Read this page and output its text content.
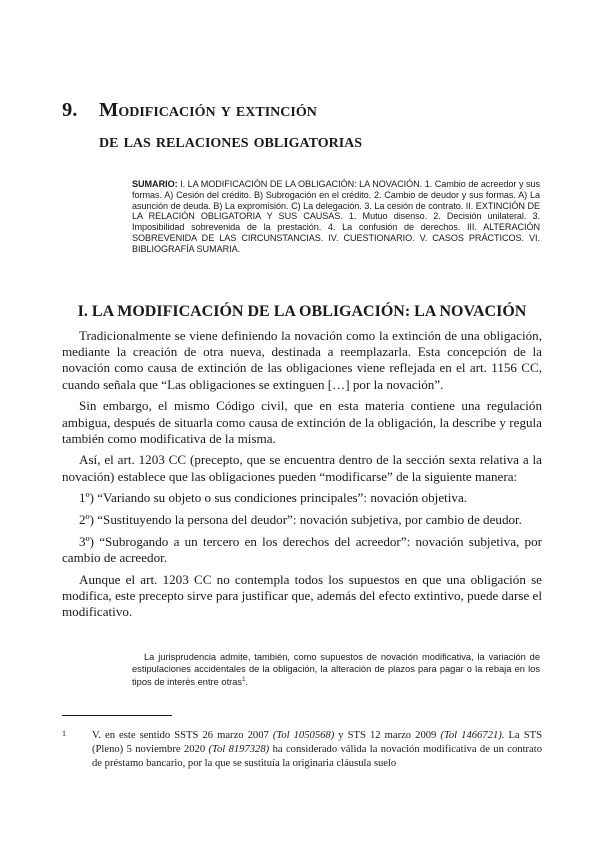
9. Modificación y extinción
de las relaciones obligatorias
SUMARIO: I. LA MODIFICACIÓN DE LA OBLIGACIÓN: LA NOVACIÓN. 1. Cambio de acreedor y sus formas. A) Cesión del crédito. B) Subrogación en el crédito. 2. Cambio de deudor y sus formas. A) La asunción de deuda. B) La expromisión. C) La delegación. 3. La cesión de contrato. II. EXTINCIÓN DE LA RELACIÓN OBLIGATORIA Y SUS CAUSAS. 1. Mutuo disenso. 2. Decisión unilateral. 3. Imposibilidad sobrevenida de la prestación. 4. La confusión de derechos. III. ALTERACIÓN SOBREVENIDA DE LAS CIRCUNSTANCIAS. IV. CUESTIONARIO. V. CASOS PRÁCTICOS. VI. BIBLIOGRAFÍA SUMARIA.
I. LA MODIFICACIÓN DE LA OBLIGACIÓN: LA NOVACIÓN

Tradicionalmente se viene definiendo la novación como la extinción de una obligación, mediante la creación de otra nueva, destinada a reemplazarla. Esta concepción de la novación como causa de extinción de las obligaciones viene reflejada en el art. 1156 CC, cuando señala que “Las obligaciones se extinguen […] por la novación”.

Sin embargo, el mismo Código civil, que en esta materia contiene una regulación ambigua, después de situarla como causa de extinción de la obligación, la describe y regula también como modificativa de la misma.

Así, el art. 1203 CC (precepto, que se encuentra dentro de la sección sexta relativa a la novación) establece que las obligaciones pueden “modificarse” de la siguiente manera:

1º) “Variando su objeto o sus condiciones principales”: novación objetiva.

2º) “Sustituyendo la persona del deudor”: novación subjetiva, por cambio de deudor.

3º) “Subrogando a un tercero en los derechos del acreedor”: novación subjetiva, por cambio de acreedor.

Aunque el art. 1203 CC no contempla todos los supuestos en que una obligación se modifica, este precepto sirve para justificar que, además del efecto extintivo, puede darse el modificativo.

La jurisprudencia admite, también, como supuestos de novación modificativa, la variación de estipulaciones accidentales de la obligación, la alteración de plazos para pagar o la rebaja en los tipos de interés entre otras$^1$.
1 V. en este sentido SSTS 26 marzo 2007 (Tol 1050568) y STS 12 marzo 2009 (Tol 1466721). La STS (Pleno) 5 noviembre 2020 (Tol 8197328) ha considerado válida la novación modificativa de un contrato de préstamo bancario, por la que se sustituía la originaria cláusula suelo
